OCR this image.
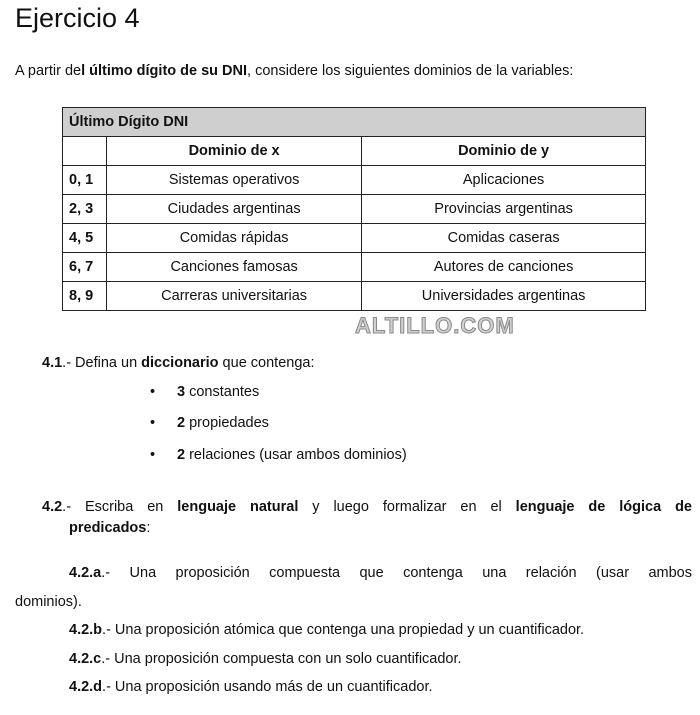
Ejercicio 4
A partir del último dígito de su DNI, considere los siguientes dominios de la variables:
Último Dígito DNI		
	Dominio de x	Dominio de y
0, 1	Sistemas operativos	Aplicaciones
2, 3	Ciudades argentinas	Provincias argentinas
4, 5	Comidas rápidas	Comidas caseras
6, 7	Canciones famosas	Autores de canciones
8, 9	Carreras universitarias	Universidades argentinas
ALTILLO.COM
4.1.- Defina un diccionario que contenga:
• 3 constantes
• 2 propiedades
• 2 relaciones (usar ambos dominios)
4.2.- Escriba en lenguaje natural y luego formalizar en el lenguaje de lógica de
predicados:
4.2.a.- Una proposición compuesta que contenga una relación (usar ambos
dominios).
4.2.b.- Una proposición atómica que contenga una propiedad y un cuantificador.
4.2.c.- Una proposición compuesta con un solo cuantificador.
4.2.d.- Una proposición usando más de un cuantificador.
